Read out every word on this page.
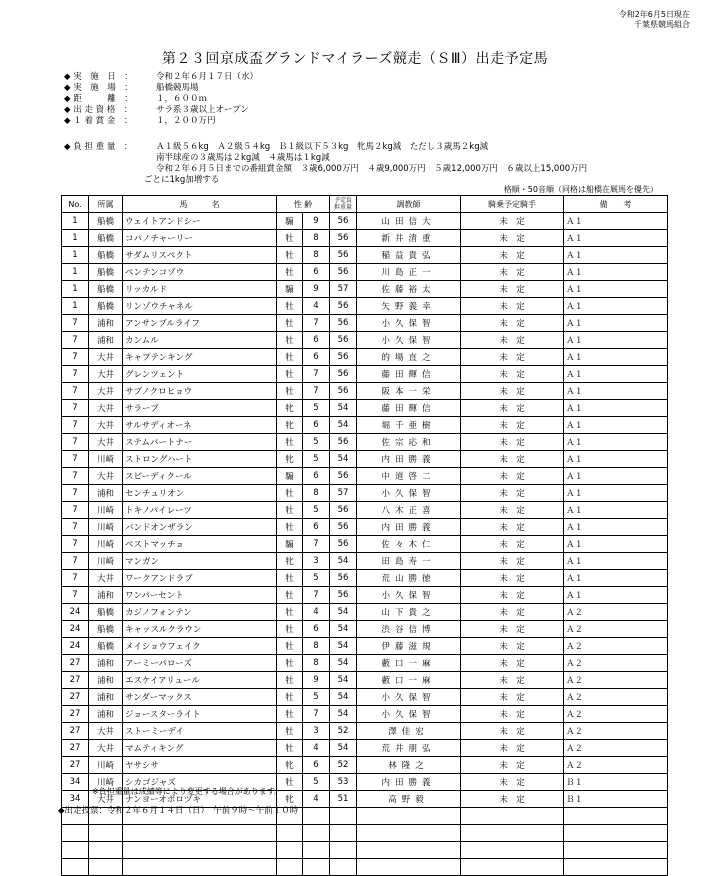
令和2年6月5日現在
千葉県競馬組合
第２３回京成盃グランドマイラーズ競走（ＳⅢ）出走予定馬
◆ 実　施　日　：	令和２年６月１７日（水）
◆ 実　施　場　：	船橋競馬場
◆ 距　　　離　：	１，６００ｍ
◆ 出 走 資 格　：	サラ系３歳以上オープン
◆ １ 着 賞 金　：	１，２００万円
◆ 負 担 重 量　：	Ａ１級５６kg　Ａ２級５４kg　Ｂ１級以下５３kg　牝馬２kg減　ただし３歳馬２kg減
南半球産の３歳馬は２kg減　４歳馬は１kg減
令和２年６月５日までの番組賞金額　３歳6,000万円　４歳9,000万円　５歳12,000万円　６歳以上15,000万円
ごとに1kg加増する
格順・50音順（同格は船橋在厩馬を優先）
No.	所属	馬　　　名	性 齢		予定負担重量	調教師	騎乗予定騎手	備　　考
1	船橋	ウェイトアンドシー	騸	9	56	山田信大	未　定	Ａ１
1	船橋	コパノチャーリー	牡	8	56	新井清重	未　定	Ａ１
1	船橋	サダムリスペクト	牡	8	56	稲益貴弘	未　定	Ａ１
1	船橋	ペンテンコゾウ	牡	6	56	川島正一	未　定	Ａ１
1	船橋	リッカルド	騸	9	57	佐藤裕太	未　定	Ａ１
1	船橋	リンゾウチャネル	牡	4	56	矢野義幸	未　定	Ａ１
7	浦和	アンサンブルライフ	牡	7	56	小久保智	未　定	Ａ１
7	浦和	カンムル	牡	6	56	小久保智	未　定	Ａ１
7	大井	キャプテンキング	牡	6	56	的場直之	未　定	Ａ１
7	大井	グレンツェント	牡	7	56	藤田輝信	未　定	Ａ１
7	大井	サブノクロヒョウ	牡	7	56	阪本一栄	未　定	Ａ１
7	大井	サラーブ	牝	5	54	藤田輝信	未　定	Ａ１
7	大井	サルサディオーネ	牝	6	54	堀千亜樹	未　定	Ａ１
7	大井	ステムパートナー	牡	5	56	佐宗応和	未　定	Ａ１
7	川崎	ストロングハート	牝	5	54	内田勝義	未　定	Ａ１
7	大井	スピーディクール	騸	6	56	中道啓二	未　定	Ａ１
7	浦和	センチュリオン	牡	8	57	小久保智	未　定	Ａ１
7	川崎	トキノパイレーツ	牡	5	56	八木正喜	未　定	Ａ１
7	川崎	バンドオンザラン	牡	6	56	内田勝義	未　定	Ａ１
7	川崎	ベストマッチョ	騸	7	56	佐々木仁	未　定	Ａ１
7	川崎	マンガン	牝	3	54	田島寿一	未　定	Ａ１
7	大井	ワークアンドラブ	牡	5	56	荒山勝徳	未　定	Ａ１
7	浦和	ワンパーセント	牡	7	56	小久保智	未　定	Ａ１
24	船橋	カジノフォンテン	牡	4	54	山下貴之	未　定	Ａ２
24	船橋	キャッスルクラウン	牡	6	54	渋谷信博	未　定	Ａ２
24	船橋	メイショウフェイク	牡	8	54	伊藤滋規	未　定	Ａ２
27	浦和	アーミーパローズ	牡	8	54	藪口一麻	未　定	Ａ２
27	浦和	エスケイアリュール	牡	9	54	藪口一麻	未　定	Ａ２
27	浦和	サンダーマックス	牡	5	54	小久保智	未　定	Ａ２
27	浦和	ジョースターライト	牡	7	54	小久保智	未　定	Ａ２
27	大井	ストーミーデイ	牡	3	52	澤佳宏	未　定	Ａ２
27	大井	マムティキング	牡	4	54	荒井朋弘	未　定	Ａ２
27	川崎	ヤサシサ	牝	6	52	林隆之	未　定	Ａ２
34	川崎	シカゴジャズ	牡	5	53	内田勝義	未　定	Ｂ１
34	大井	ナンヨーオボロヅキ	牝	4	51	高野毅	未　定	Ｂ１

※負担重量は成績等により変更する場合があります。
◆出走投票：令和２年６月１４日（日）　午前９時～午前１０時
